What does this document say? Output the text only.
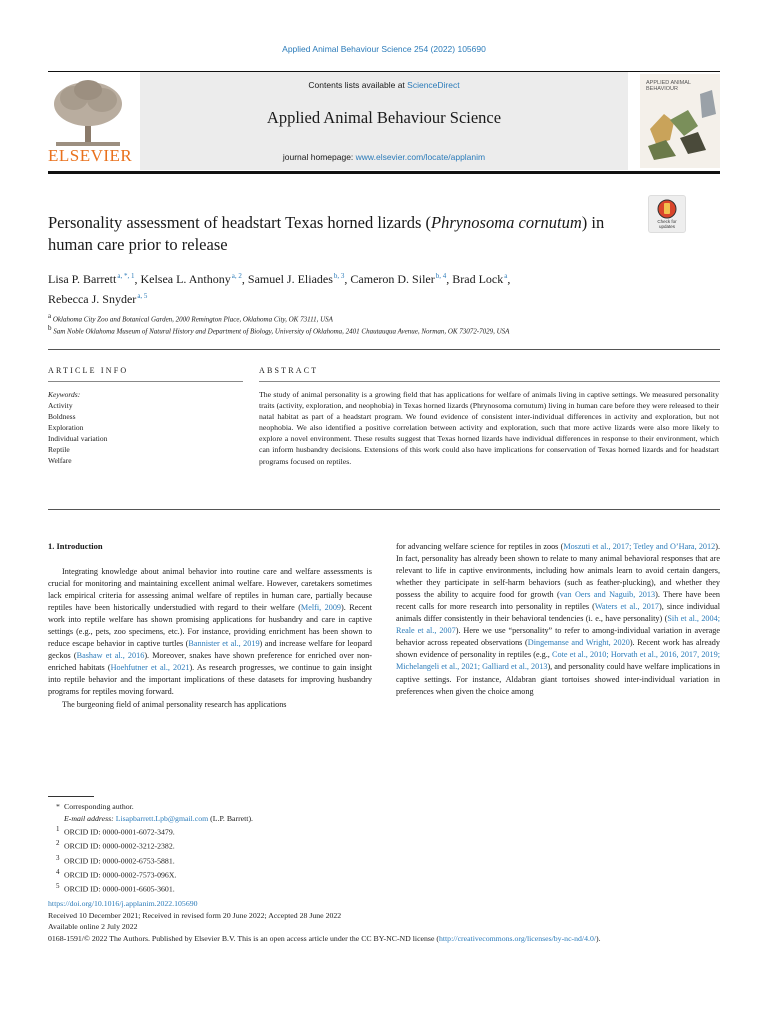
Applied Animal Behaviour Science 254 (2022) 105690
ELSEVIER
Contents lists available at ScienceDirect
Applied Animal Behaviour Science
journal homepage: www.elsevier.com/locate/applanim
APPLIED ANIMAL BEHAVIOUR
Check for updates
Personality assessment of headstart Texas horned lizards (Phrynosoma cornutum) in human care prior to release
Lisa P. Barrett $^{a, *, 1}$, Kelsea L. Anthony $^{a, 2}$, Samuel J. Eliades $^{b, 3}$, Cameron D. Siler $^{b, 4}$, Brad Lock $^a$,
Rebecca J. Snyder $^{a, 5}$
$^a$ Oklahoma City Zoo and Botanical Garden, 2000 Remington Place, Oklahoma City, OK 73111, USA
$^b$ Sam Noble Oklahoma Museum of Natural History and Department of Biology, University of Oklahoma, 2401 Chautauqua Avenue, Norman, OK 73072-7029, USA
ARTICLE INFO	ABSTRACT
Keywords:
Activity
Boldness
Exploration
Individual variation
Reptile
Welfare
The study of animal personality is a growing field that has applications for welfare of animals living in captive settings. We measured personality traits (activity, exploration, and neophobia) in Texas horned lizards (Phrynosoma cornutum) living in human care before they were released to their natal habitat as part of a headstart program. We found evidence of consistent inter-individual differences in activity and exploration, but not neophobia. We also identified a positive correlation between activity and exploration, such that more active lizards were also more likely to explore a novel environment. These results suggest that Texas horned lizards have individual differences in response to their environment, which can inform husbandry decisions. Extensions of this work could also have implications for conservation of Texas horned lizards and for headstart programs focused on reptiles.
1. Introduction

Integrating knowledge about animal behavior into routine care and welfare assessments is crucial for monitoring and maintaining excellent animal welfare. However, caretakers sometimes lack empirical criteria for assessing animal welfare of reptiles in human care, partially because reptiles have been historically understudied with regard to their welfare (Melfi, 2009). Recent work into reptile welfare has shown promising applications for husbandry and care in captive settings (e.g., pets, zoo specimens, etc.). For instance, providing enrichment has been shown to reduce escape behavior in captive turtles (Bannister et al., 2019) and increase welfare for leopard geckos (Bashaw et al., 2016). Moreover, snakes have shown preference for enriched over non-enriched habitats (Hoehfutner et al., 2021). As research progresses, we continue to gain insight into reptile behavior and the important implications of these datasets for improving husbandry programs for reptiles moving forward.

The burgeoning field of animal personality research has applications

for advancing welfare science for reptiles in zoos (Moszuti et al., 2017; Tetley and O’Hara, 2012). In fact, personality has already been shown to relate to many animal behavioral responses that are relevant to life in captive environments, including how animals learn to avoid certain dangers, whether they participate in self-harm behaviors (such as feather-plucking), and whether they possess the ability to acquire food for growth (van Oers and Naguib, 2013). There have been recent calls for more research into personality in reptiles (Waters et al., 2017), since individual animals differ consistently in their behavioral tendencies (i. e., have personality) (Sih et al., 2004; Reale et al., 2007). Here we use “personality” to refer to among-individual variation in average behavior across repeated observations (Dingemanse and Wright, 2020). Recent work has already shown evidence of personality in reptiles (e.g., Cote et al., 2010; Horvath et al., 2016, 2017, 2019; Michelangeli et al., 2021; Galliard et al., 2013), and personality could have welfare implications in captive settings. For instance, Aldabran giant tortoises showed inter-individual variation in preferences when given the choice among

* Corresponding author.
E-mail address: Lisapbarrett.Lpb@gmail.com (L.P. Barrett).
$^1$ ORCID ID: 0000-0001-6072-3479.
$^2$ ORCID ID: 0000-0002-3212-2382.
$^3$ ORCID ID: 0000-0002-6753-5881.
$^4$ ORCID ID: 0000-0002-7573-096X.
$^5$ ORCID ID: 0000-0001-6605-3601.
https://doi.org/10.1016/j.applanim.2022.105690
Received 10 December 2021; Received in revised form 20 June 2022; Accepted 28 June 2022
Available online 2 July 2022
0168-1591/© 2022 The Authors. Published by Elsevier B.V. This is an open access article under the CC BY-NC-ND license (http://creativecommons.org/licenses/by-nc-nd/4.0/).
